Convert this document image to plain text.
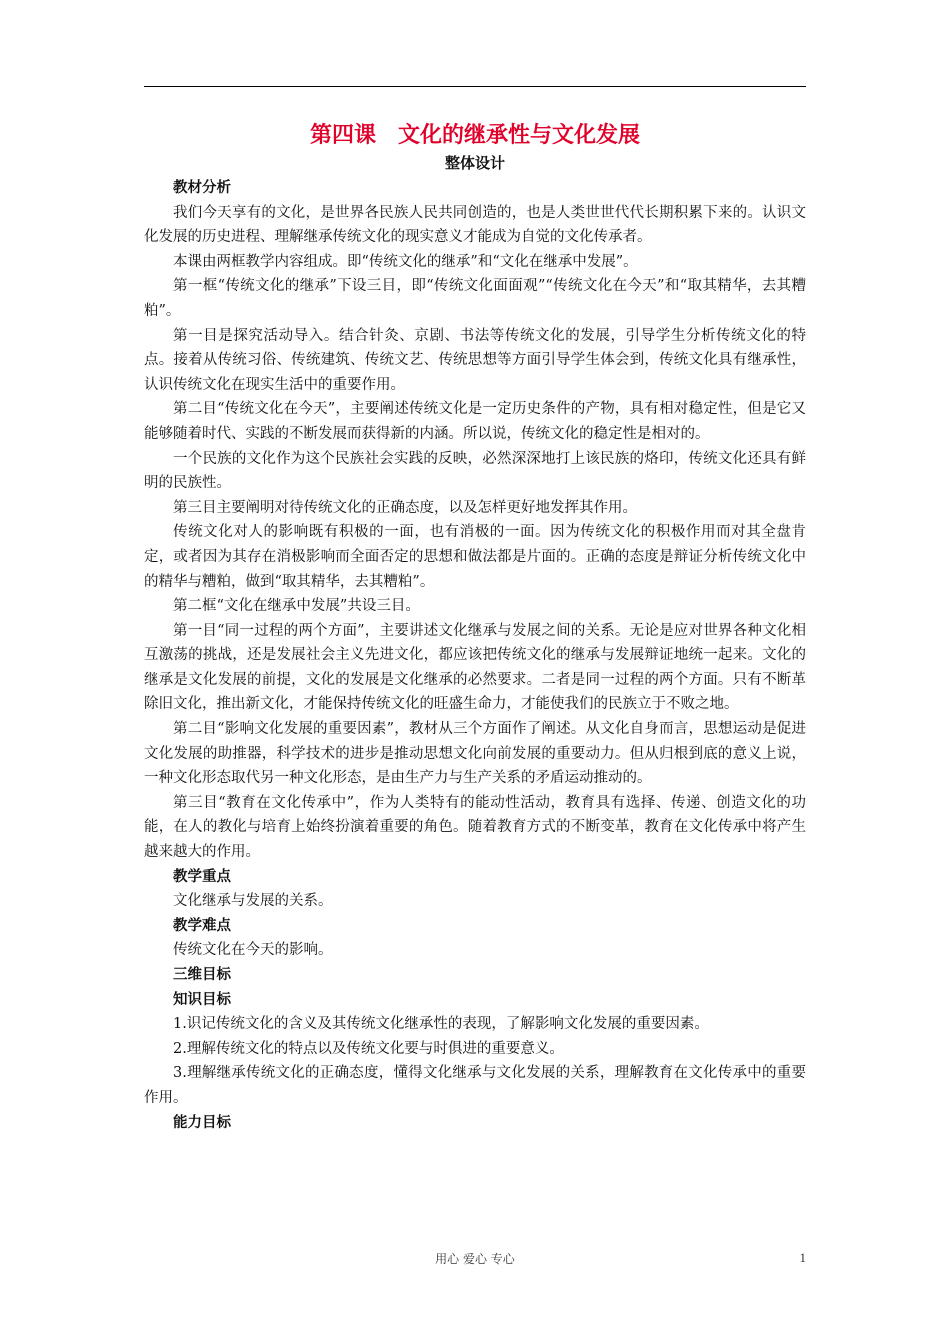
第四课　文化的继承性与文化发展
整体设计

教材分析

我们今天享有的文化，是世界各民族人民共同创造的，也是人类世世代代长期积累下来的。认识文化发展的历史进程、理解继承传统文化的现实意义才能成为自觉的文化传承者。

本课由两框教学内容组成。即“传统文化的继承”和“文化在继承中发展”。

第一框“传统文化的继承”下设三目，即“传统文化面面观”“传统文化在今天”和“取其精华，去其糟粕”。

第一目是探究活动导入。结合针灸、京剧、书法等传统文化的发展，引导学生分析传统文化的特点。接着从传统习俗、传统建筑、传统文艺、传统思想等方面引导学生体会到，传统文化具有继承性，认识传统文化在现实生活中的重要作用。

第二目“传统文化在今天”，主要阐述传统文化是一定历史条件的产物，具有相对稳定性，但是它又能够随着时代、实践的不断发展而获得新的内涵。所以说，传统文化的稳定性是相对的。

一个民族的文化作为这个民族社会实践的反映，必然深深地打上该民族的烙印，传统文化还具有鲜明的民族性。

第三目主要阐明对待传统文化的正确态度，以及怎样更好地发挥其作用。

传统文化对人的影响既有积极的一面，也有消极的一面。因为传统文化的积极作用而对其全盘肯定，或者因为其存在消极影响而全面否定的思想和做法都是片面的。正确的态度是辩证分析传统文化中的精华与糟粕，做到“取其精华，去其糟粕”。

第二框“文化在继承中发展”共设三目。

第一目“同一过程的两个方面”，主要讲述文化继承与发展之间的关系。无论是应对世界各种文化相互激荡的挑战，还是发展社会主义先进文化，都应该把传统文化的继承与发展辩证地统一起来。文化的继承是文化发展的前提，文化的发展是文化继承的必然要求。二者是同一过程的两个方面。只有不断革除旧文化，推出新文化，才能保持传统文化的旺盛生命力，才能使我们的民族立于不败之地。

第二目“影响文化发展的重要因素”，教材从三个方面作了阐述。从文化自身而言，思想运动是促进文化发展的助推器，科学技术的进步是推动思想文化向前发展的重要动力。但从归根到底的意义上说，一种文化形态取代另一种文化形态，是由生产力与生产关系的矛盾运动推动的。

第三目“教育在文化传承中”，作为人类特有的能动性活动，教育具有选择、传递、创造文化的功能，在人的教化与培育上始终扮演着重要的角色。随着教育方式的不断变革，教育在文化传承中将产生越来越大的作用。

教学重点

文化继承与发展的关系。

教学难点

传统文化在今天的影响。

三维目标

知识目标

1.识记传统文化的含义及其传统文化继承性的表现，了解影响文化发展的重要因素。

2.理解传统文化的特点以及传统文化要与时俱进的重要意义。

3.理解继承传统文化的正确态度，懂得文化继承与文化发展的关系，理解教育在文化传承中的重要作用。

能力目标

用心 爱心 专心	1
